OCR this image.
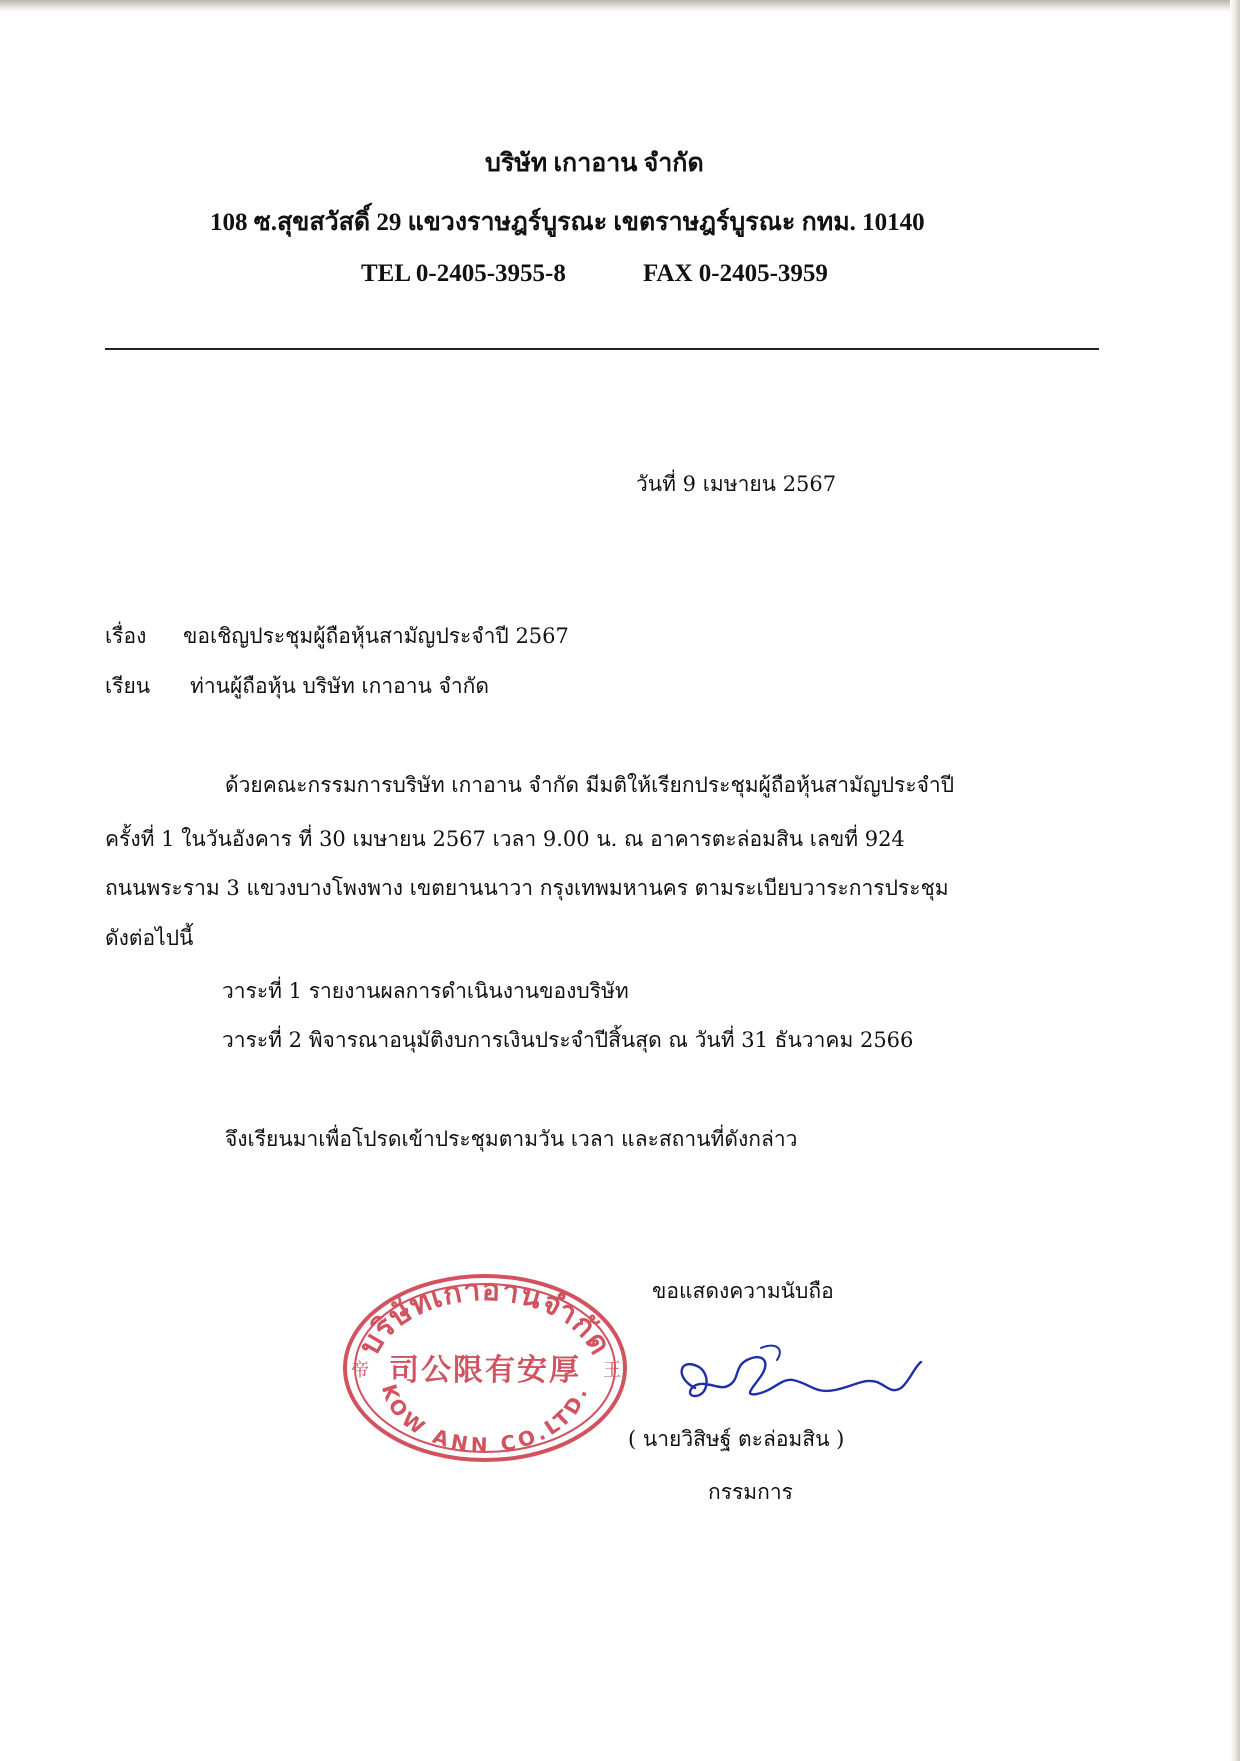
บริษัท เกาอาน จำกัด

108 ซ.สุขสวัสดิ์ 29 แขวงราษฎร์บูรณะ เขตราษฎร์บูรณะ กทม. 10140

TEL 0-2405-3955-8	FAX 0-2405-3959

วันที่ 9 เมษายน 2567

เรื่อง ขอเชิญประชุมผู้ถือหุ้นสามัญประจำปี 2567

เรียน ท่านผู้ถือหุ้น บริษัท เกาอาน จำกัด

ด้วยคณะกรรมการบริษัท เกาอาน จำกัด มีมติให้เรียกประชุมผู้ถือหุ้นสามัญประจำปี

ครั้งที่ 1 ในวันอังคาร ที่ 30 เมษายน 2567 เวลา 9.00 น. ณ อาคารตะล่อมสิน เลขที่ 924

ถนนพระราม 3 แขวงบางโพงพาง เขตยานนาวา กรุงเทพมหานคร ตามระเบียบวาระการประชุม

ดังต่อไปนี้

วาระที่ 1 รายงานผลการดำเนินงานของบริษัท

วาระที่ 2 พิจารณาอนุมัติงบการเงินประจำปีสิ้นสุด ณ วันที่ 31 ธันวาคม 2566

จึงเรียนมาเพื่อโปรดเข้าประชุมตามวัน เวลา และสถานที่ดังกล่าว

ขอแสดงความนับถือ

บริษัทเกาอานจำกัด
KOW ANN CO.LTD.
司公限有安厚
帝	王

( นายวิสิษฐ์ ตะล่อมสิน )

กรรมการ
